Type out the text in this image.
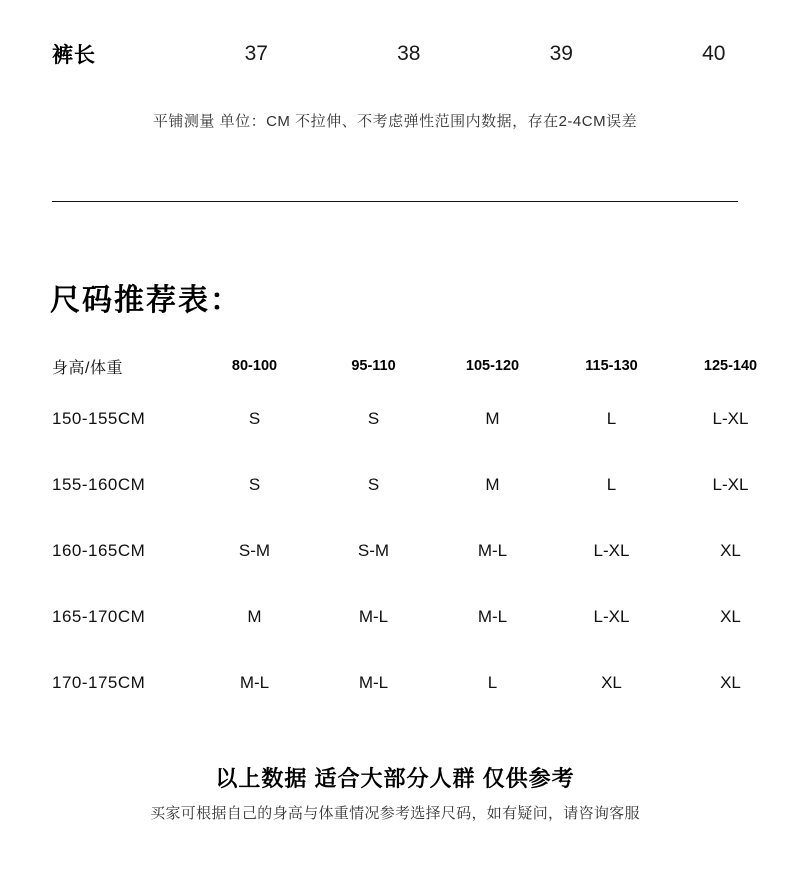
裤长	37	38	39	40
平铺测量 单位：CM 不拉伸、不考虑弹性范围内数据，存在2-4CM误差
尺码推荐表：
身高/体重	80-100	95-110	105-120	115-130	125-140
150-155CM	S	S	M	L	L-XL
155-160CM	S	S	M	L	L-XL
160-165CM	S-M	S-M	M-L	L-XL	XL
165-170CM	M	M-L	M-L	L-XL	XL
170-175CM	M-L	M-L	L	XL	XL
以上数据 适合大部分人群 仅供参考
买家可根据自己的身高与体重情况参考选择尺码，如有疑问，请咨询客服
